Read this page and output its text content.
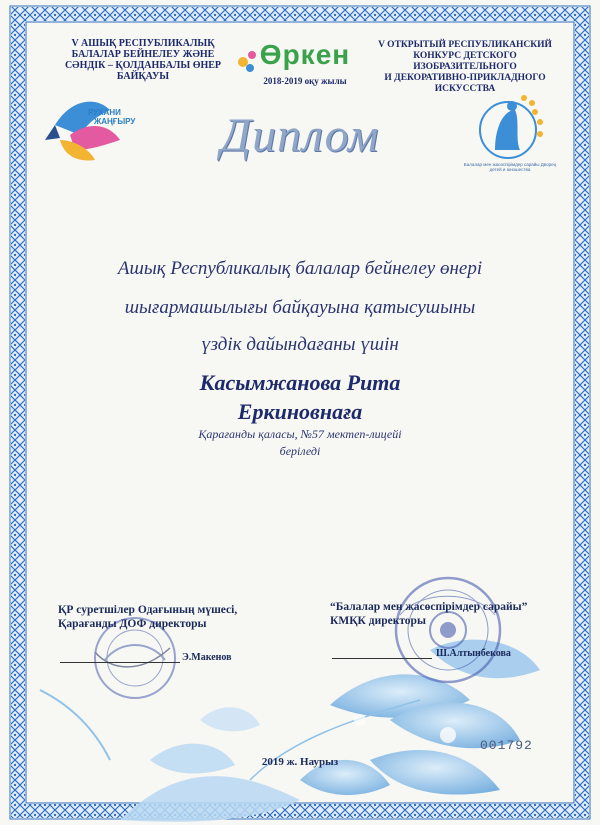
V АШЫҚ РЕСПУБЛИКАЛЫҚ
БАЛАЛАР БЕЙНЕЛЕУ ЖӘНЕ
СӘНДІК – ҚОЛДАНБАЛЫ ӨНЕР
БАЙҚАУЫ
Өркен
2018-2019 оқу жылы
V ОТКРЫТЫЙ РЕСПУБЛИКАНСКИЙ
КОНКУРС ДЕТСКОГО
ИЗОБРАЗИТЕЛЬНОГО
И ДЕКОРАТИВНО-ПРИКЛАДНОГО
ИСКУССТВА
РУХАНИ
ЖАҢҒЫРУ
Балалар мен жасөспірімдер сарайы Дворец детей и юношества
Диплом
Ашық Республикалық балалар бейнелеу өнері
шығармашылығы байқауына қатысушыны
үздік дайындағаны үшін
Касымжанова Рита
Еркиновнаға
Қарағанды қаласы, №57 мектеп-лицейі
беріледі
ҚР суретшілер Одағының мүшесі,
Қарағанды ДОФ директоры
Э.Макенов
“Балалар мен жасөспірімдер сарайы”
КМҚК директоры
Ш.Алтынбекова
2019 ж. Наурыз
001792
